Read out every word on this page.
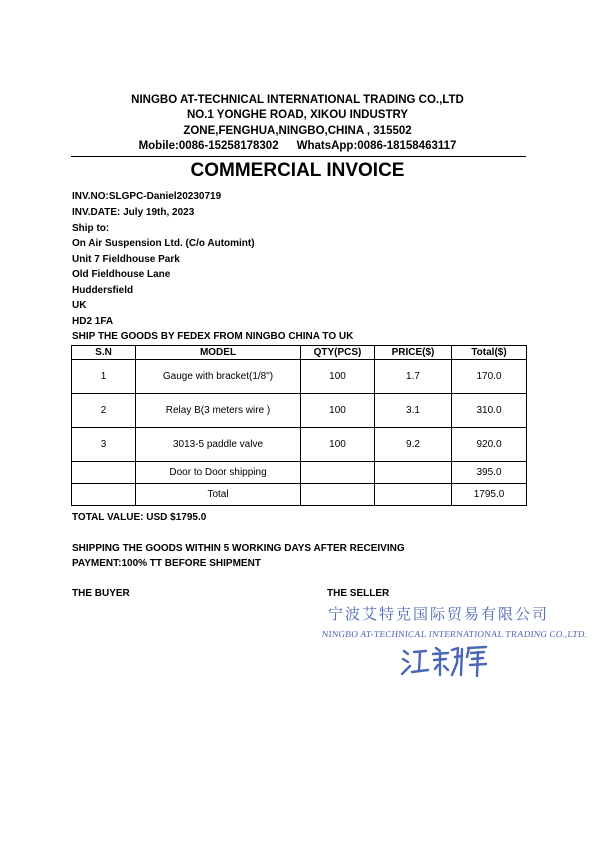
NINGBO AT-TECHNICAL INTERNATIONAL TRADING CO.,LTD
NO.1 YONGHE ROAD, XIKOU INDUSTRY
ZONE,FENGHUA,NINGBO,CHINA , 315502
Mobile:0086-15258178302 WhatsApp:0086-18158463117
COMMERCIAL INVOICE
INV.NO:SLGPC-Daniel20230719
INV.DATE: July 19th, 2023
Ship to:
On Air Suspension Ltd. (C/o Automint)
Unit 7 Fieldhouse Park
Old Fieldhouse Lane
Huddersfield
UK
HD2 1FA
SHIP THE GOODS BY FEDEX FROM NINGBO CHINA TO UK
S.N	MODEL	QTY(PCS)	PRICE($)	Total($)
1	Gauge with bracket(1/8")	100	1.7	170.0
2	Relay B(3 meters wire )	100	3.1	310.0
3	3013-5 paddle valve	100	9.2	920.0
	Door to Door shipping			395.0
	Total			1795.0
TOTAL VALUE: USD $1795.0
SHIPPING THE GOODS WITHIN 5 WORKING DAYS AFTER RECEIVING
PAYMENT:100% TT BEFORE SHIPMENT
THE BUYER	THE SELLER
宁波艾特克国际贸易有限公司
NINGBO AT-TECHNICAL INTERNATIONAL TRADING CO.,LTD.
